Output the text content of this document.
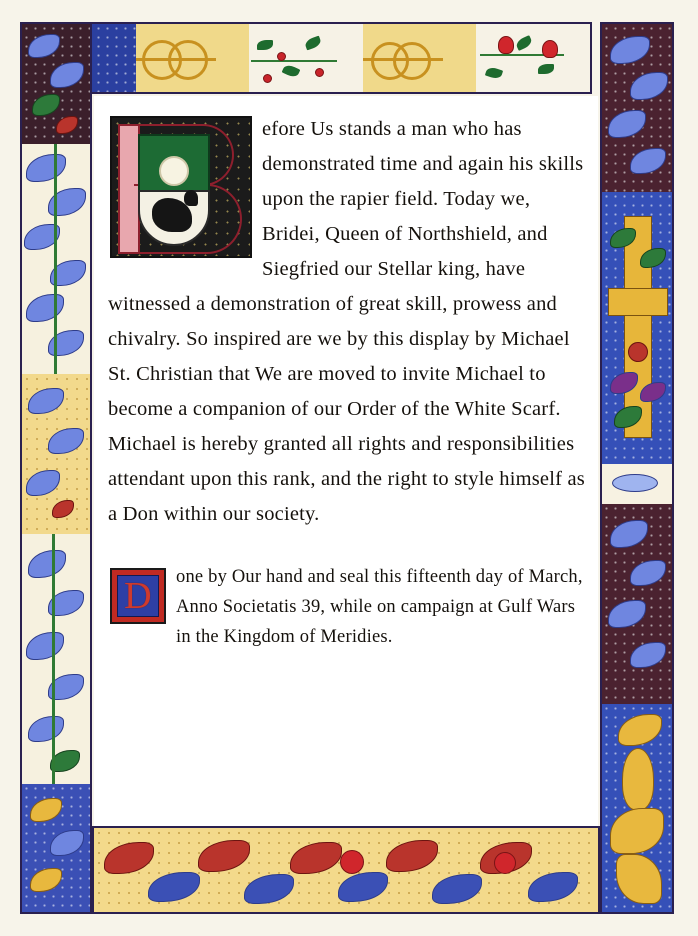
efore Us stands a man who has demonstrated time and again his skills upon the rapier field. Today we, Bridei, Queen of Northshield, and Siegfried our Stellar king, have witnessed a demonstration of great skill, prowess and chivalry. So inspired are we by this display by Michael St. Christian that We are moved to invite Michael to become a companion of our Order of the White Scarf. Michael is hereby granted all rights and responsibilities attendant upon this rank, and the right to style himself as a Don within our society.

D	one by Our hand and seal this fifteenth day of March, Anno Societatis 39, while on campaign at Gulf Wars in the Kingdom of Meridies.
